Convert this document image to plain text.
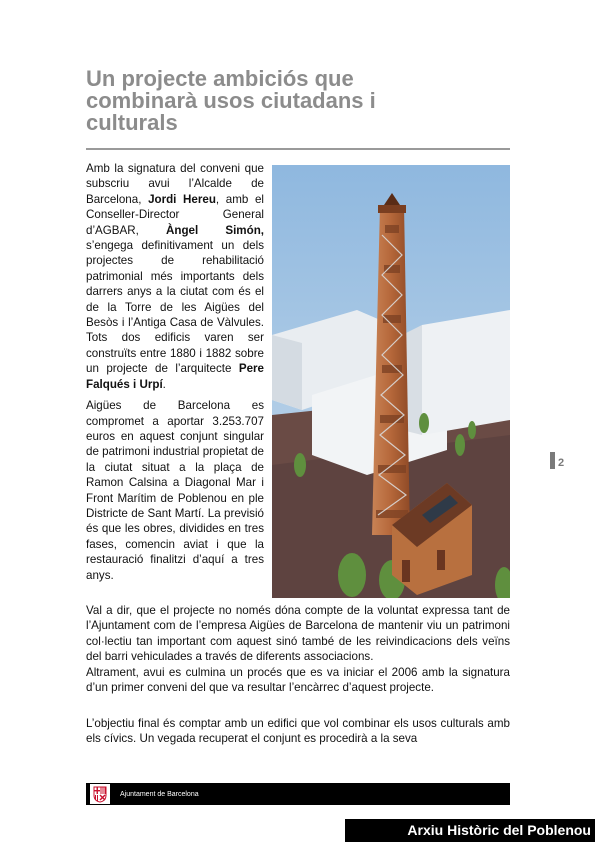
Un projecte ambiciós que
combinarà usos ciutadans i
culturals

Amb la signatura del conveni que subscriu avui l’Alcalde de Barcelona, Jordi Hereu, amb el Conseller-Director General d’AGBAR, Àngel Simón, s’engega definitivament un dels projectes de rehabilitació patrimonial més importants dels darrers anys a la ciutat com és el de la Torre de les Aigües del Besòs i l’Antiga Casa de Vàlvules. Tots dos edificis varen ser construïts entre 1880 i 1882 sobre un projecte de l’arquitecte Pere Falqués i Urpí.

Aigües de Barcelona es compromet a aportar 3.253.707 euros en aquest conjunt singular de patrimoni industrial propietat de la ciutat situat a la plaça de Ramon Calsina a Diagonal Mar i Front Marítim de Poblenou en ple Districte de Sant Martí. La previsió és que les obres, dividides en tres fases, comencin aviat i que la restauració finalitzi d’aquí a tres anys.

Val a dir, que el projecte no només dóna compte de la voluntat expressa tant de l’Ajuntament com de l’empresa Aigües de Barcelona de mantenir viu un patrimoni col·lectiu tan important com aquest sinó també de les reivindicacions dels veïns del barri vehiculades a través de diferents associacions.

Altrament, avui es culmina un procés que es va iniciar el 2006 amb la signatura d’un primer conveni del que va resultar l’encàrrec d’aquest projecte.

L’objectiu final és comptar amb un edifici que vol combinar els usos culturals amb els cívics. Un vegada recuperat el conjunt es procedirà a la seva

2
Ajuntament de Barcelona
Arxiu Històric del Poblenou
